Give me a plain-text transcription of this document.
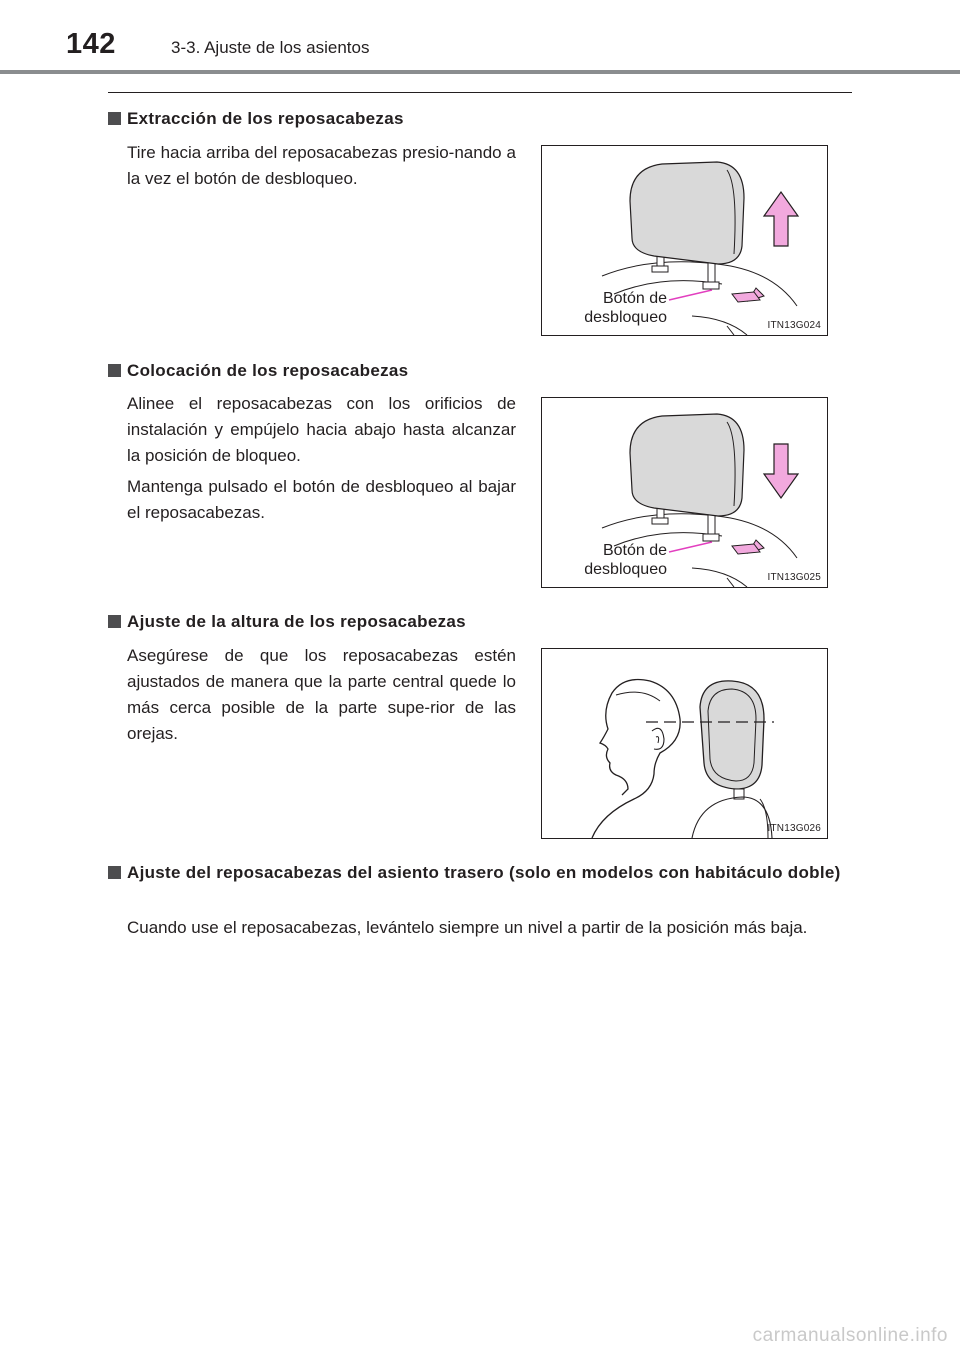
142	3-3. Ajuste de los asientos
Extracción de los reposacabezas
Tire hacia arriba del reposacabezas presio-nando a la vez el botón de desbloqueo.
Botón de
desbloqueo	ITN13G024
Colocación de los reposacabezas
Alinee el reposacabezas con los orificios de instalación y empújelo hacia abajo hasta alcanzar la posición de bloqueo.
Mantenga pulsado el botón de desbloqueo al bajar el reposacabezas.
Botón de
desbloqueo	ITN13G025
Ajuste de la altura de los reposacabezas
Asegúrese de que los reposacabezas estén ajustados de manera que la parte central quede lo más cerca posible de la parte supe-rior de las orejas.
ITN13G026
Ajuste del reposacabezas del asiento trasero (solo en modelos con habitáculo doble)
Cuando use el reposacabezas, levántelo siempre un nivel a partir de la posición más baja.
carmanualsonline.info
